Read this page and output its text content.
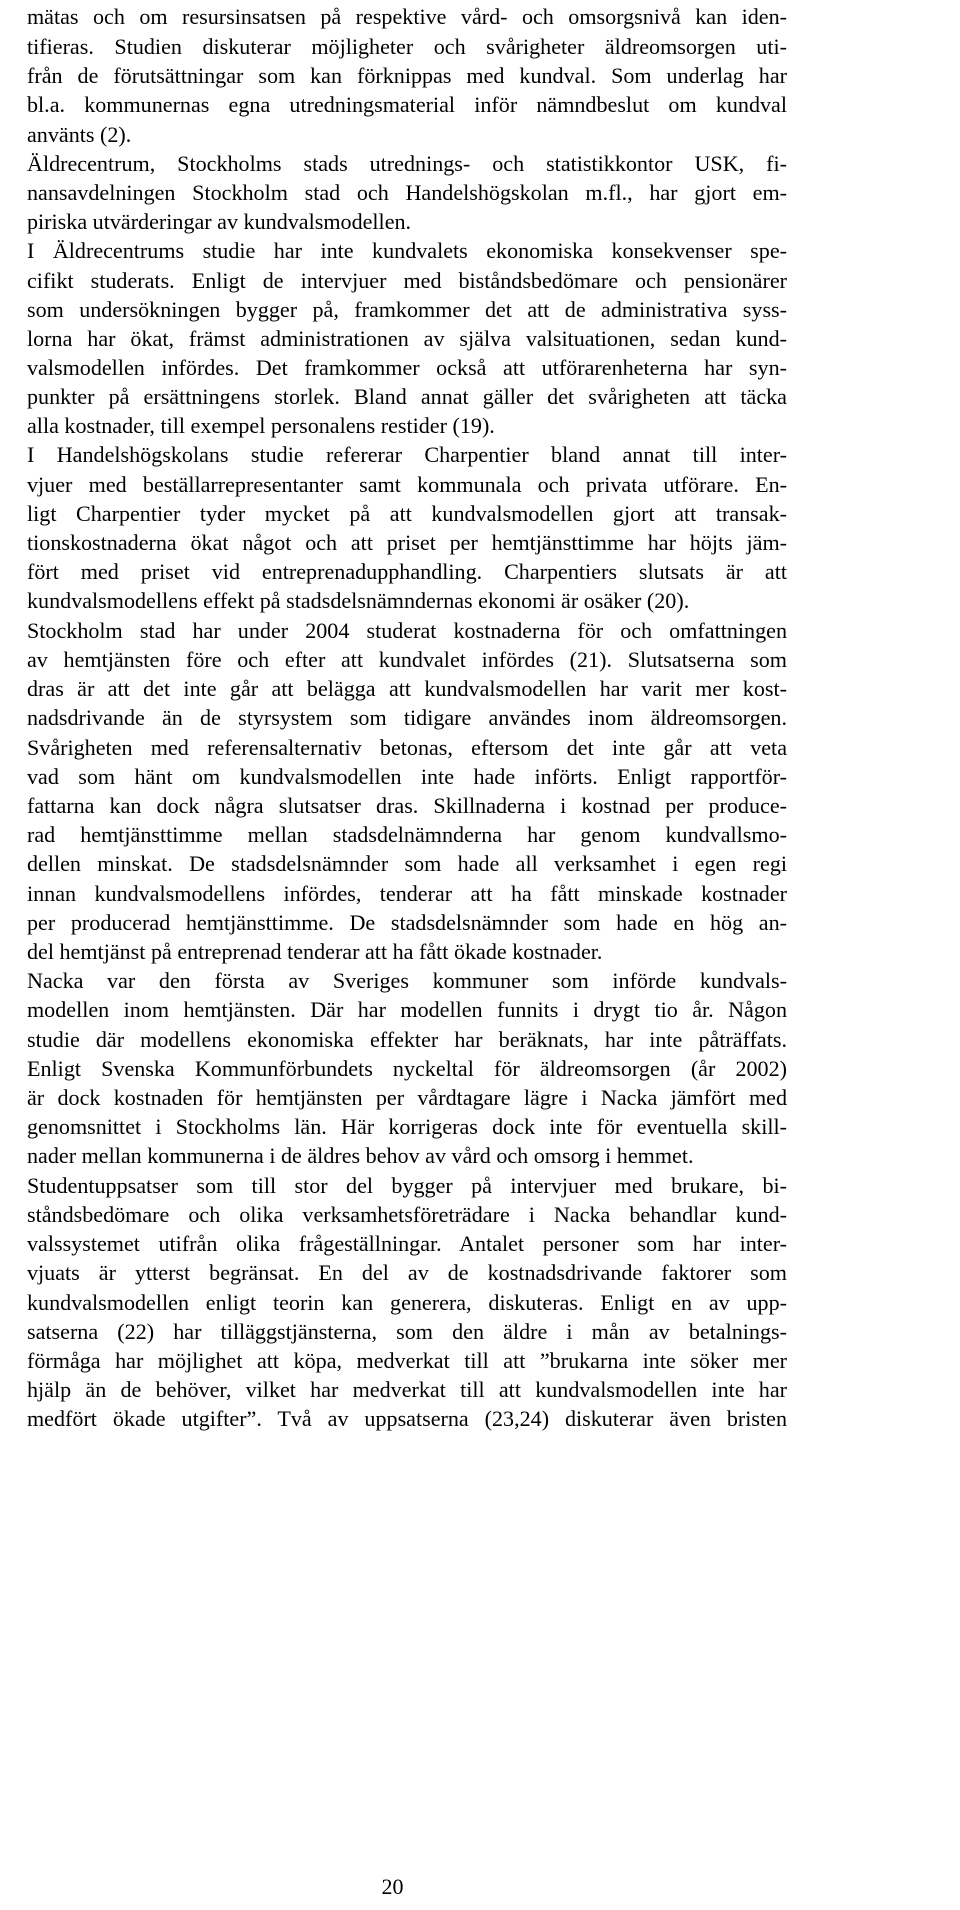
mätas och om resursinsatsen på respektive vård- och omsorgsnivå kan iden-
tifieras. Studien diskuterar möjligheter och svårigheter äldreomsorgen uti-
från de förutsättningar som kan förknippas med kundval. Som underlag har
bl.a. kommunernas egna utredningsmaterial inför nämndbeslut om kundval
använts (2).
Äldrecentrum, Stockholms stads utrednings- och statistikkontor USK, fi-
nansavdelningen Stockholm stad och Handelshögskolan m.fl., har gjort em-
piriska utvärderingar av kundvalsmodellen.
I Äldrecentrums studie har inte kundvalets ekonomiska konsekvenser spe-
cifikt studerats. Enligt de intervjuer med biståndsbedömare och pensionärer
som undersökningen bygger på, framkommer det att de administrativa syss-
lorna har ökat, främst administrationen av själva valsituationen, sedan kund-
valsmodellen infördes. Det framkommer också att utförarenheterna har syn-
punkter på ersättningens storlek. Bland annat gäller det svårigheten att täcka
alla kostnader, till exempel personalens restider (19).
I Handelshögskolans studie refererar Charpentier bland annat till inter-
vjuer med beställarrepresentanter samt kommunala och privata utförare. En-
ligt Charpentier tyder mycket på att kundvalsmodellen gjort att transak-
tionskostnaderna ökat något och att priset per hemtjänsttimme har höjts jäm-
fört med priset vid entreprenadupphandling. Charpentiers slutsats är att
kundvalsmodellens effekt på stadsdelsnämndernas ekonomi är osäker (20).
Stockholm stad har under 2004 studerat kostnaderna för och omfattningen
av hemtjänsten före och efter att kundvalet infördes (21). Slutsatserna som
dras är att det inte går att belägga att kundvalsmodellen har varit mer kost-
nadsdrivande än de styrsystem som tidigare användes inom äldreomsorgen.
Svårigheten med referensalternativ betonas, eftersom det inte går att veta
vad som hänt om kundvalsmodellen inte hade införts. Enligt rapportför-
fattarna kan dock några slutsatser dras. Skillnaderna i kostnad per produce-
rad hemtjänsttimme mellan stadsdelnämnderna har genom kundvallsmo-
dellen minskat. De stadsdelsnämnder som hade all verksamhet i egen regi
innan kundvalsmodellens infördes, tenderar att ha fått minskade kostnader
per producerad hemtjänsttimme. De stadsdelsnämnder som hade en hög an-
del hemtjänst på entreprenad tenderar att ha fått ökade kostnader.
Nacka var den första av Sveriges kommuner som införde kundvals-
modellen inom hemtjänsten. Där har modellen funnits i drygt tio år. Någon
studie där modellens ekonomiska effekter har beräknats, har inte påträffats.
Enligt Svenska Kommunförbundets nyckeltal för äldreomsorgen (år 2002)
är dock kostnaden för hemtjänsten per vårdtagare lägre i Nacka jämfört med
genomsnittet i Stockholms län. Här korrigeras dock inte för eventuella skill-
nader mellan kommunerna i de äldres behov av vård och omsorg i hemmet.
Studentuppsatser som till stor del bygger på intervjuer med brukare, bi-
ståndsbedömare och olika verksamhetsföreträdare i Nacka behandlar kund-
valssystemet utifrån olika frågeställningar. Antalet personer som har inter-
vjuats är ytterst begränsat. En del av de kostnadsdrivande faktorer som
kundvalsmodellen enligt teorin kan generera, diskuteras. Enligt en av upp-
satserna (22) har tilläggstjänsterna, som den äldre i mån av betalnings-
förmåga har möjlighet att köpa, medverkat till att ”brukarna inte söker mer
hjälp än de behöver, vilket har medverkat till att kundvalsmodellen inte har
medfört ökade utgifter”. Två av uppsatserna (23,24) diskuterar även bristen
20
